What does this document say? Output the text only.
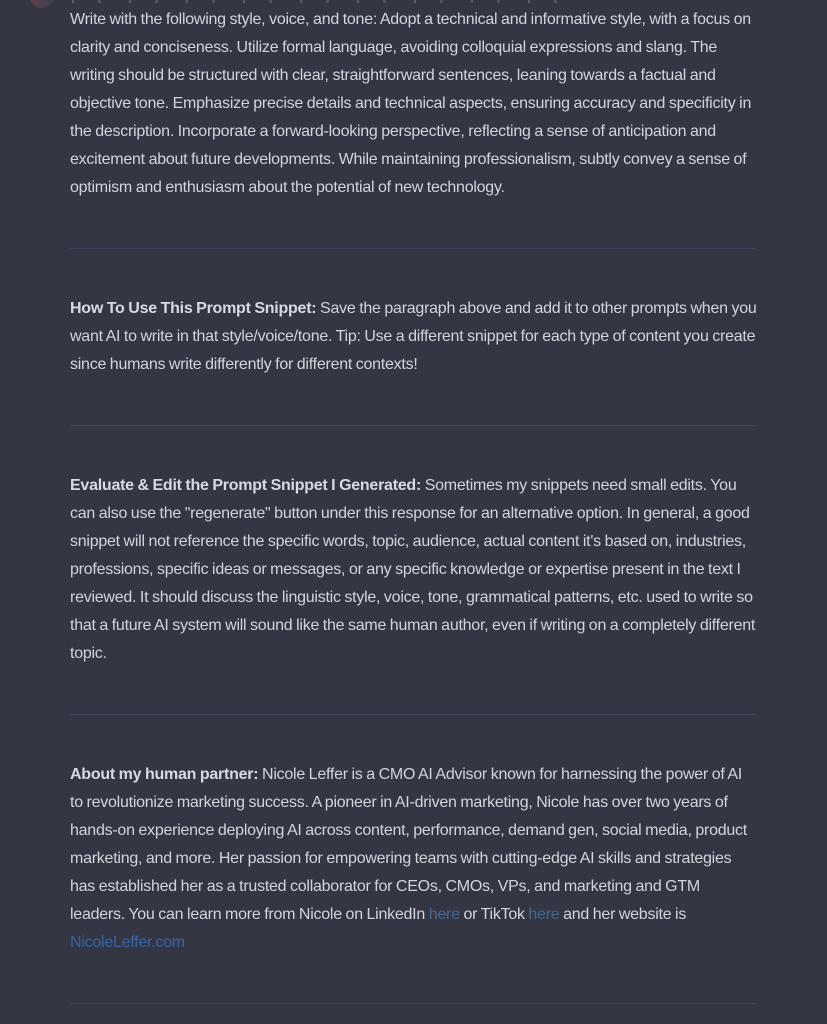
Write with the following style, voice, and tone: Adopt a technical and informative style, with a focus on clarity and conciseness. Utilize formal language, avoiding colloquial expressions and slang. The writing should be structured with clear, straightforward sentences, leaning towards a factual and objective tone. Emphasize precise details and technical aspects, ensuring accuracy and specificity in the description. Incorporate a forward-looking perspective, reflecting a sense of anticipation and excitement about future developments. While maintaining professionalism, subtly convey a sense of optimism and enthusiasm about the potential of new technology.

How To Use This Prompt Snippet: Save the paragraph above and add it to other prompts when you want AI to write in that style/voice/tone. Tip: Use a different snippet for each type of content you create since humans write differently for different contexts!

Evaluate & Edit the Prompt Snippet I Generated: Sometimes my snippets need small edits. You can also use the "regenerate" button under this response for an alternative option. In general, a good snippet will not reference the specific words, topic, audience, actual content it's based on, industries, professions, specific ideas or messages, or any specific knowledge or expertise present in the text I reviewed. It should discuss the linguistic style, voice, tone, grammatical patterns, etc. used to write so that a future AI system will sound like the same human author, even if writing on a completely different topic.

About my human partner: Nicole Leffer is a CMO AI Advisor known for harnessing the power of AI to revolutionize marketing success. A pioneer in AI-driven marketing, Nicole has over two years of hands-on experience deploying AI across content, performance, demand gen, social media, product marketing, and more. Her passion for empowering teams with cutting-edge AI skills and strategies has established her as a trusted collaborator for CEOs, CMOs, VPs, and marketing and GTM leaders. You can learn more from Nicole on LinkedIn here or TikTok here and her website is NicoleLeffer.com
